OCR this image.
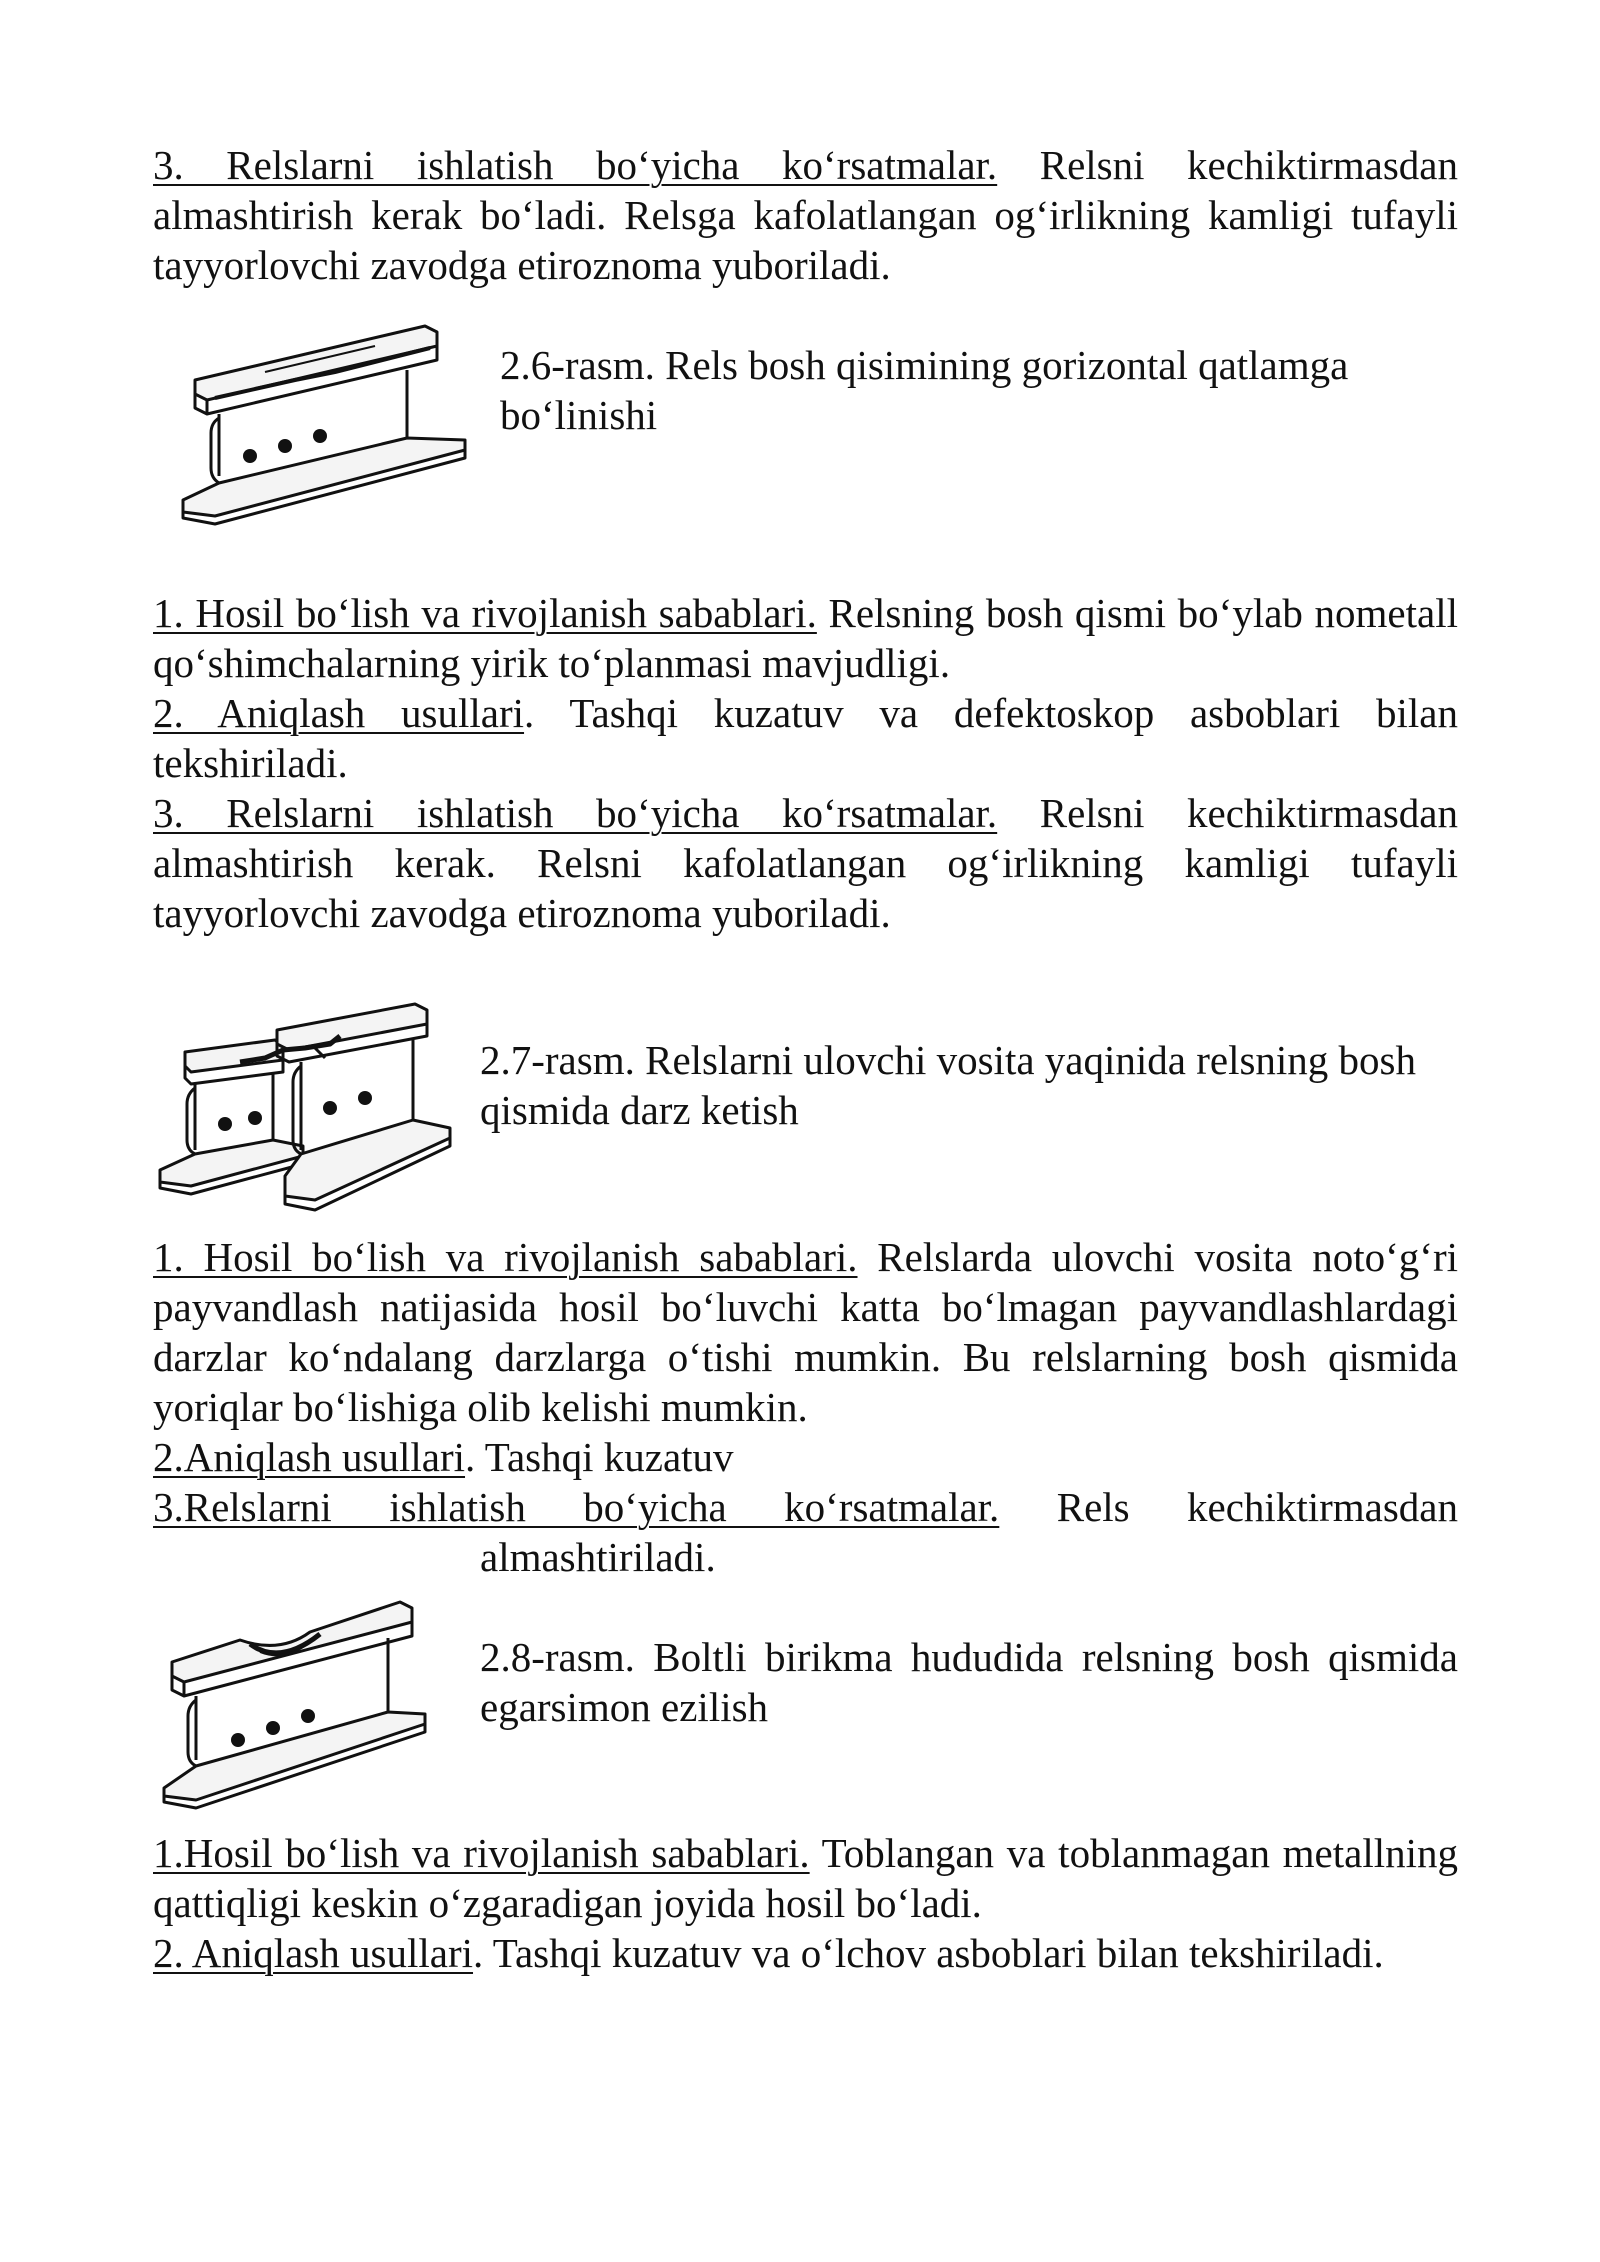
3. Relslarni ishlatish bo‘yicha ko‘rsatmalar. Relsni kechiktirmasdan almashtirish kerak bo‘ladi. Relsga kafolatlangan og‘irlikning kamligi tufayli tayyorlovchi zavodga etiroznoma yuboriladi.

2.6-rasm. Rels bosh qisimining gorizontal qatlamga bo‘linishi

1. Hosil bo‘lish va rivojlanish sabablari. Relsning bosh qismi bo‘ylab nometall qo‘shimchalarning yirik to‘planmasi mavjudligi.

2. Aniqlash usullari. Tashqi kuzatuv va defektoskop asboblari bilan tekshiriladi.

3. Relslarni ishlatish bo‘yicha ko‘rsatmalar. Relsni kechiktirmasdan almashtirish kerak. Relsni kafolatlangan og‘irlikning kamligi tufayli tayyorlovchi zavodga etiroznoma yuboriladi.

2.7-rasm. Relslarni ulovchi vosita yaqinida relsning bosh qismida darz ketish

1. Hosil bo‘lish va rivojlanish sabablari. Relslarda ulovchi vosita noto‘g‘ri payvandlash natijasida hosil bo‘luvchi katta bo‘lmagan payvandlashlardagi darzlar ko‘ndalang darzlarga o‘tishi mumkin. Bu relslarning bosh qismida yoriqlar bo‘lishiga olib kelishi mumkin.

2.Aniqlash usullari. Tashqi kuzatuv

3.Relslarni ishlatish bo‘yicha ko‘rsatmalar. Rels kechiktirmasdan

almashtiriladi.

2.8-rasm. Boltli birikma hududida relsning bosh qismida egarsimon ezilish

1.Hosil bo‘lish va rivojlanish sabablari. Toblangan va toblanmagan metallning qattiqligi keskin o‘zgaradigan joyida hosil bo‘ladi.

2. Aniqlash usullari. Tashqi kuzatuv va o‘lchov asboblari bilan tekshiriladi.
